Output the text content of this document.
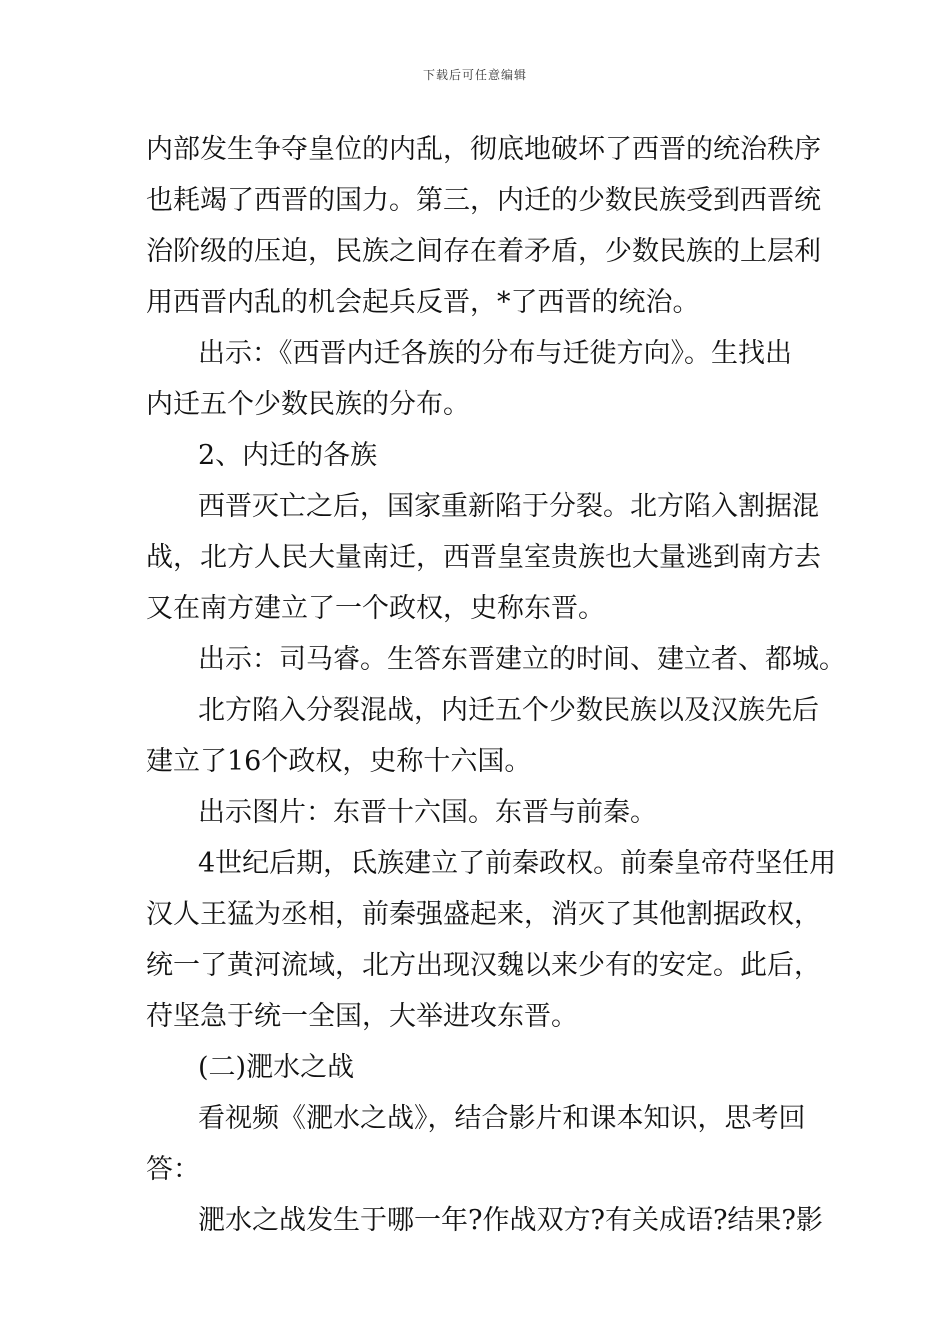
下载后可任意编辑
内部发生争夺皇位的内乱，彻底地破坏了西晋的统治秩序
也耗竭了西晋的国力。第三，内迁的少数民族受到西晋统
治阶级的压迫，民族之间存在着矛盾，少数民族的上层利
用西晋内乱的机会起兵反晋，*了西晋的统治。
出示：《西晋内迁各族的分布与迁徙方向》。生找出
内迁五个少数民族的分布。
2、内迁的各族
西晋灭亡之后，国家重新陷于分裂。北方陷入割据混
战，北方人民大量南迁，西晋皇室贵族也大量逃到南方去
又在南方建立了一个政权，史称东晋。
出示：司马睿。生答东晋建立的时间、建立者、都城。
北方陷入分裂混战，内迁五个少数民族以及汉族先后
建立了16个政权，史称十六国。
出示图片：东晋十六国。东晋与前秦。
4世纪后期，氐族建立了前秦政权。前秦皇帝苻坚任用
汉人王猛为丞相，前秦强盛起来，消灭了其他割据政权，
统一了黄河流域，北方出现汉魏以来少有的安定。此后，
苻坚急于统一全国，大举进攻东晋。
(二)淝水之战
看视频《淝水之战》，结合影片和课本知识，思考回
答：
淝水之战发生于哪一年?作战双方?有关成语?结果?影
